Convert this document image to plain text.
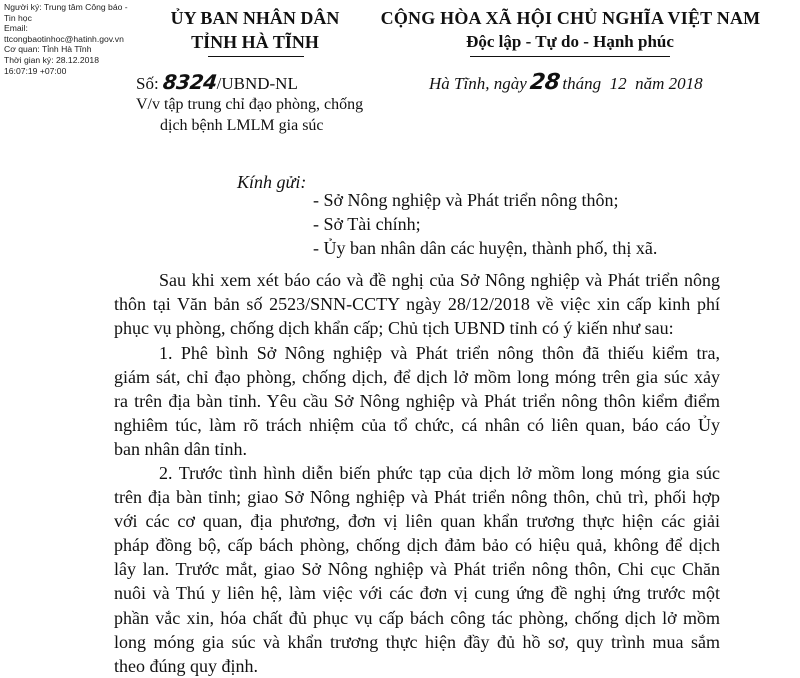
Người ký: Trung tâm Công báo - Tin học
Email:
ttcongbaotinhoc@hatinh.gov.vn
Cơ quan: Tỉnh Hà Tĩnh
Thời gian ký: 28.12.2018 16:07:19 +07:00
ỦY BAN NHÂN DÂN
TỈNH HÀ TĨNH
CỘNG HÒA XÃ HỘI CHỦ NGHĨA VIỆT NAM
Độc lập - Tự do - Hạnh phúc
Số: 8324/UBND-NL	Hà Tĩnh, ngày28tháng  12  năm 2018
V/v tập trung chỉ đạo phòng, chống
dịch bệnh LMLM gia súc
Kính gửi:
- Sở Nông nghiệp và Phát triển nông thôn;
- Sở Tài chính;
- Ủy ban nhân dân các huyện, thành phố, thị xã.
Sau khi xem xét báo cáo và đề nghị của Sở Nông nghiệp và Phát triển nông
thôn tại Văn bản số 2523/SNN-CCTY ngày 28/12/2018 về việc xin cấp kinh phí
phục vụ phòng, chống dịch khẩn cấp; Chủ tịch UBND tỉnh có ý kiến như sau:
1. Phê bình Sở Nông nghiệp và Phát triển nông thôn đã thiếu kiểm tra,
giám sát, chỉ đạo phòng, chống dịch, để dịch lở mồm long móng trên gia súc xảy
ra trên địa bàn tỉnh. Yêu cầu Sở Nông nghiệp và Phát triển nông thôn kiểm điểm
nghiêm túc, làm rõ trách nhiệm của tổ chức, cá nhân có liên quan, báo cáo Ủy
ban nhân dân tỉnh.
2. Trước tình hình diễn biến phức tạp của dịch lở mồm long móng gia súc
trên địa bàn tỉnh; giao Sở Nông nghiệp và Phát triển nông thôn, chủ trì, phối hợp
với các cơ quan, địa phương, đơn vị liên quan khẩn trương thực hiện các giải
pháp đồng bộ, cấp bách phòng, chống dịch đảm bảo có hiệu quả, không để dịch
lây lan. Trước mắt, giao Sở Nông nghiệp và Phát triển nông thôn, Chi cục Chăn
nuôi và Thú y liên hệ, làm việc với các đơn vị cung ứng đề nghị ứng trước một
phần vắc xin, hóa chất đủ phục vụ cấp bách công tác phòng, chống dịch lở mồm
long móng gia súc và khẩn trương thực hiện đầy đủ hồ sơ, quy trình mua sắm
theo đúng quy định.
